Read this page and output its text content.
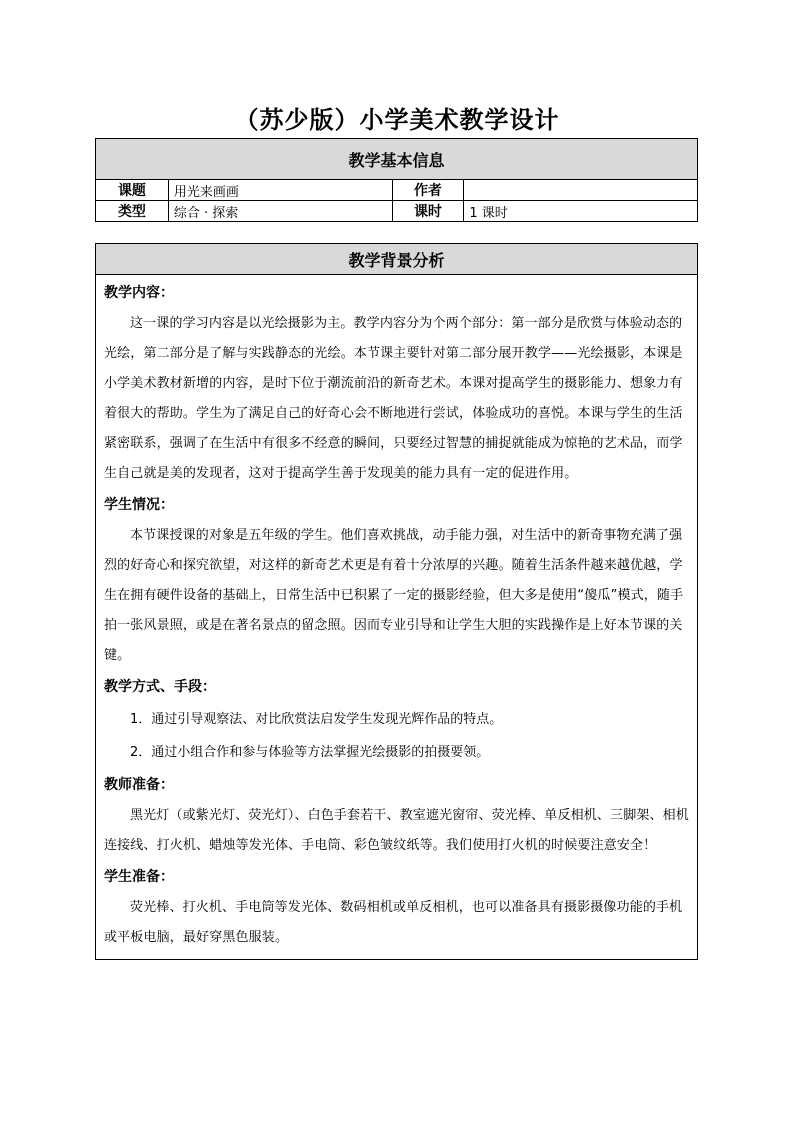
（苏少版）小学美术教学设计
教学基本信息			
课题	用光来画画	作者	
类型	综合 · 探索	课时	1 课时
教学背景分析

教学内容：

这一课的学习内容是以光绘摄影为主。教学内容分为个两个部分：第一部分是欣赏与体验动态的光绘，第二部分是了解与实践静态的光绘。本节课主要针对第二部分展开教学——光绘摄影，本课是小学美术教材新增的内容，是时下位于潮流前沿的新奇艺术。本课对提高学生的摄影能力、想象力有着很大的帮助。学生为了满足自己的好奇心会不断地进行尝试，体验成功的喜悦。本课与学生的生活紧密联系，强调了在生活中有很多不经意的瞬间，只要经过智慧的捕捉就能成为惊艳的艺术品，而学生自己就是美的发现者，这对于提高学生善于发现美的能力具有一定的促进作用。

学生情况：

本节课授课的对象是五年级的学生。他们喜欢挑战，动手能力强，对生活中的新奇事物充满了强烈的好奇心和探究欲望，对这样的新奇艺术更是有着十分浓厚的兴趣。随着生活条件越来越优越，学生在拥有硬件设备的基础上，日常生活中已积累了一定的摄影经验，但大多是使用“傻瓜”模式，随手拍一张风景照，或是在著名景点的留念照。因而专业引导和让学生大胆的实践操作是上好本节课的关键。

教学方式、手段：

1．通过引导观察法、对比欣赏法启发学生发现光辉作品的特点。
2．通过小组合作和参与体验等方法掌握光绘摄影的拍摄要领。

教师准备：

黑光灯（或紫光灯、荧光灯）、白色手套若干、教室遮光窗帘、荧光棒、单反相机、三脚架、相机连接线、打火机、蜡烛等发光体、手电筒、彩色皱纹纸等。我们使用打火机的时候要注意安全！

学生准备：

荧光棒、打火机、手电筒等发光体、数码相机或单反相机，也可以准备具有摄影摄像功能的手机或平板电脑，最好穿黑色服装。
